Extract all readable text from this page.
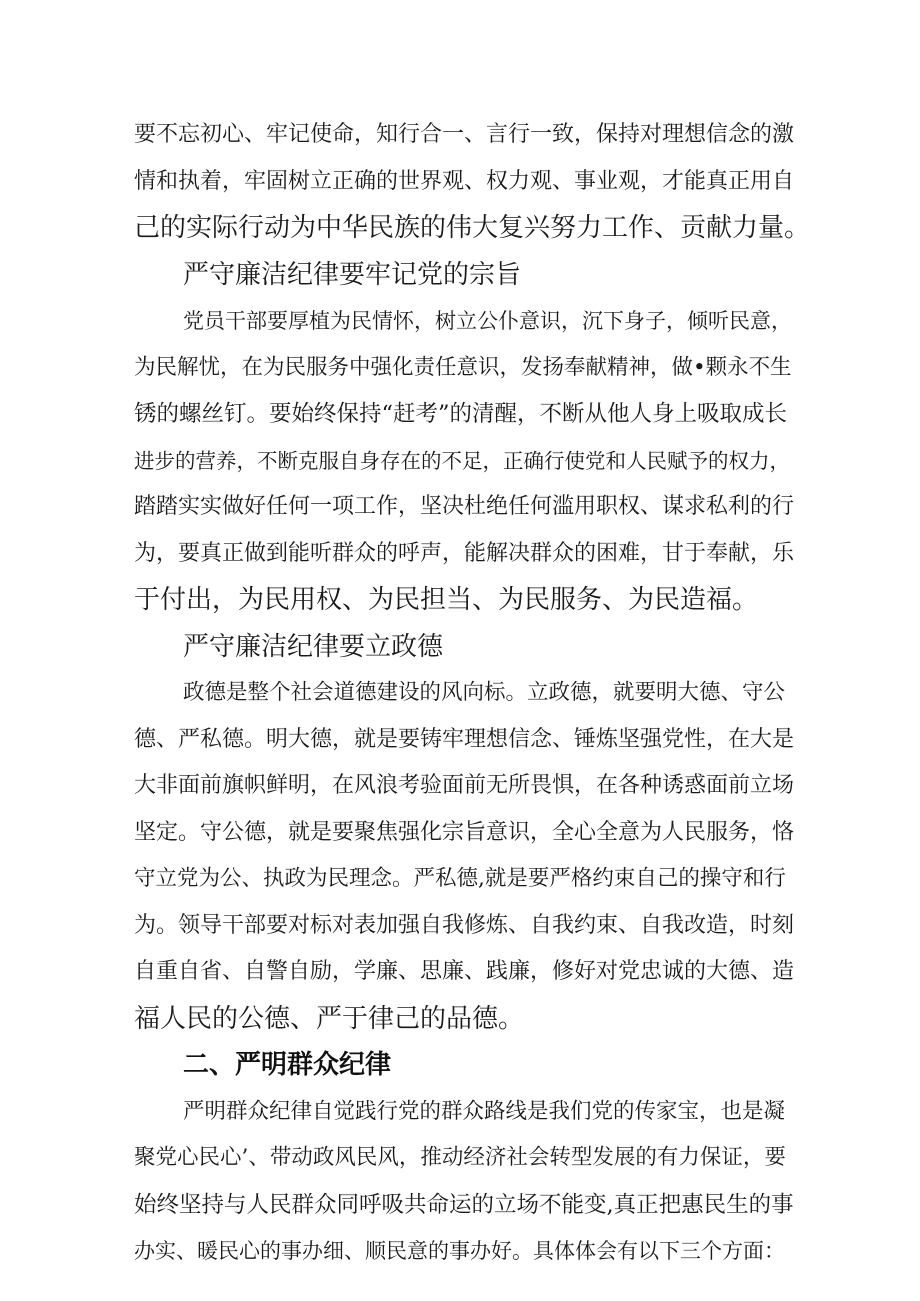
要不忘初心、牢记使命，知行合一、言行一致，保持对理想信念的激

情和执着，牢固树立正确的世界观、权力观、事业观，才能真正用自

己的实际行动为中华民族的伟大复兴努力工作、贡献力量。

严守廉洁纪律要牢记党的宗旨

党员干部要厚植为民情怀，树立公仆意识，沉下身子，倾听民意，

为民解忧，在为民服务中强化责任意识，发扬奉献精神，做•颗永不生

锈的螺丝钉。要始终保持“赶考”的清醒，不断从他人身上吸取成长

进步的营养，不断克服自身存在的不足，正确行使党和人民赋予的权力，

踏踏实实做好任何一项工作，坚决杜绝任何滥用职权、谋求私利的行

为，要真正做到能听群众的呼声，能解决群众的困难，甘于奉献，乐

于付出，为民用权、为民担当、为民服务、为民造福。

严守廉洁纪律要立政德

政德是整个社会道德建设的风向标。立政德，就要明大德、守公

德、严私德。明大德，就是要铸牢理想信念、锤炼坚强党性，在大是

大非面前旗帜鲜明，在风浪考验面前无所畏惧，在各种诱惑面前立场

坚定。守公德，就是要聚焦强化宗旨意识，全心全意为人民服务，恪

守立党为公、执政为民理念。严私德,就是要严格约束自己的操守和行

为。领导干部要对标对表加强自我修炼、自我约束、自我改造，时刻

自重自省、自警自励，学廉、思廉、践廉，修好对党忠诚的大德、造

福人民的公德、严于律己的品德。

二、严明群众纪律

严明群众纪律自觉践行党的群众路线是我们党的传家宝，也是凝

聚党心民心’、带动政风民风，推动经济社会转型发展的有力保证，要

始终坚持与人民群众同呼吸共命运的立场不能变,真正把惠民生的事

办实、暖民心的事办细、顺民意的事办好。具体体会有以下三个方面：
